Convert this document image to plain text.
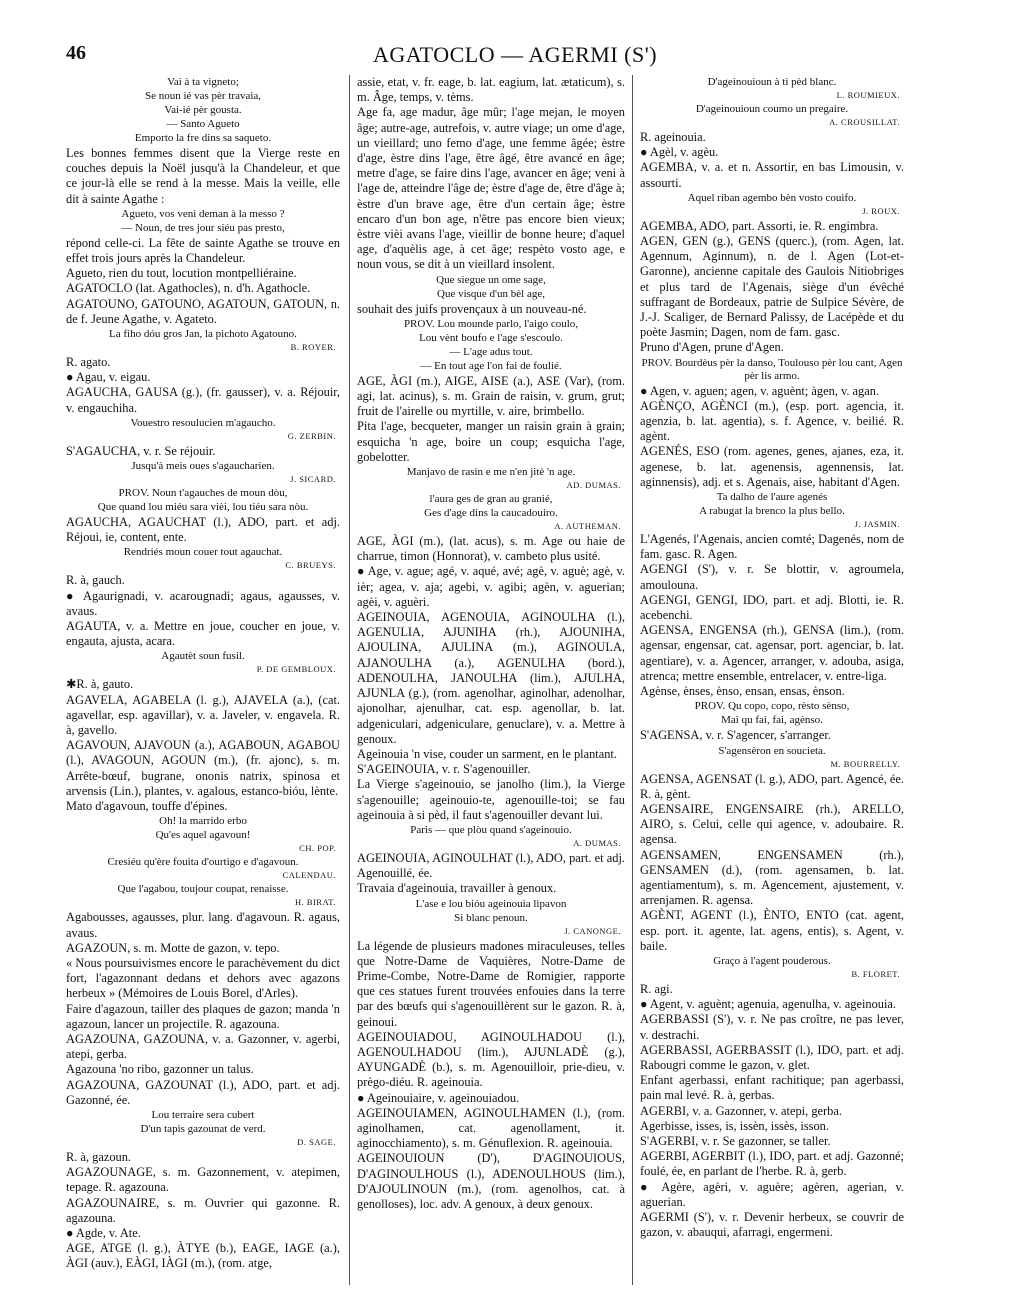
46	AGATOCLO — AGERMI (S')
Vai à ta vigneto;
Se noun ié vas pèr travaia,
Vai-ié pèr gousta.
— Santo Agueto
Emporto la fre dins sa saqueto.

Les bonnes femmes disent que la Vierge reste en couches depuis la Noël jusqu'à la Chandeleur, et que ce jour-là elle se rend à la messe. Mais la veille, elle dit à sainte Agathe :

Agueto, vos veni deman à la messo ?
— Noun, de tres jour siéu pas presto,

répond celle-ci. La fête de sainte Agathe se trouve en effet trois jours après la Chandeleur.

Agueto, rien du tout, locution montpelliéraine.

AGATOCLO (lat. Agathocles), n. d'h. Agathocle.

AGATOUNO, GATOUNO, AGATOUN, GATOUN, n. de f. Jeune Agathe, v. Agateto.

La fiho dóu gros Jan, la pichoto Agatouno.
B. ROYER.

R. agato.

● Agau, v. eigau.

AGAUCHA, GAUSA (g.), (fr. gausser), v. a. Réjouir, v. engauchiha.

Vouestro resoulucien m'agaucho.
G. ZERBIN.

S'AGAUCHA, v. r. Se réjouir.

Jusqu'à meis oues s'agaucharien.
J. SICARD.
PROV. Noun t'agauches de moun dòu,
Que quand lou miéu sara vièi, lou tiéu sara nòu.

AGAUCHA, AGAUCHAT (l.), ADO, part. et adj. Réjoui, ie, content, ente.

Rendriés moun couer tout agauchat.
C. BRUEYS.

R. à, gauch.

● Agaurignadi, v. acarougnadi; agaus, agausses, v. avaus.

AGAUTA, v. a. Mettre en joue, coucher en joue, v. engauta, ajusta, acara.

Agautèt soun fusil.
P. DE GEMBLOUX.

✱R. à, gauto.

AGAVELA, AGABELA (l. g.), AJAVELA (a.), (cat. agavellar, esp. agavillar), v. a. Javeler, v. engavela. R. à, gavello.

AGAVOUN, AJAVOUN (a.), AGABOUN, AGABOU (l.), AVAGOUN, AGOUN (m.), (fr. ajonc), s. m. Arrête-bœuf, bugrane, ononis natrix, spinosa et arvensis (Lin.), plantes, v. agalous, estanco-bióu, lènte.

Mato d'agavoun, touffe d'épines.

Oh! la marrido erbo
Qu'es aquel agavoun!
CH. POP.
Cresiéu qu'ère fouita d'ourtigo e d'agavoun.
CALENDAU.
Que l'agabou, toujour coupat, renaisse.
H. BIRAT.

Agabousses, agausses, plur. lang. d'agavoun. R. agaus, avaus.

AGAZOUN, s. m. Motte de gazon, v. tepo.

« Nous poursuivismes encore le parachèvement du dict fort, l'agazonnant dedans et dehors avec agazons herbeux » (Mémoires de Louis Borel, d'Arles).

Faire d'agazoun, tailler des plaques de gazon; manda 'n agazoun, lancer un projectile. R. agazouna.

AGAZOUNA, GAZOUNA, v. a. Gazonner, v. agerbi, atepi, gerba.

Agazouna 'no ribo, gazonner un talus.

AGAZOUNA, GAZOUNAT (l.), ADO, part. et adj. Gazonné, ée.

Lou terraire sera cubert
D'un tapis gazounat de verd.
D. SAGE.

R. à, gazoun.

AGAZOUNAGE, s. m. Gazonnement, v. atepimen, tepage. R. agazouna.

AGAZOUNAIRE, s. m. Ouvrier qui gazonne. R. agazouna.

● Agde, v. Ate.

AGE, ATGE (l. g.), ÀTYE (b.), EAGE, IAGE (a.), ÀGI (auv.), EÀGI, IÀGI (m.), (rom. atge,

assie, etat, v. fr. eage, b. lat. eagium, lat. ætaticum), s. m. Âge, temps, v. tèms.

Age fa, age madur, âge mûr; l'age mejan, le moyen âge; autre-age, autrefois, v. autre viage; un ome d'age, un vieillard; uno femo d'age, une femme âgée; èstre d'age, èstre dins l'age, être âgé, être avancé en âge; metre d'age, se faire dins l'age, avancer en âge; veni à l'age de, atteindre l'âge de; èstre d'age de, être d'âge à; èstre d'un brave age, être d'un certain âge; èstre encaro d'un bon age, n'être pas encore bien vieux; èstre vièi avans l'age, vieillir de bonne heure; d'aquel age, d'aquèlis age, à cet âge; respèto vosto age, e noun vous, se dit à un vieillard insolent.

Que siegue un ome sage,
Que visque d'un bèl age,

souhait des juifs provençaux à un nouveau-né.

PROV. Lou mounde parlo, l'aigo coulo,
Lou vènt boufo e l'age s'escoulo.
— L'age adus tout.
— En tout age l'on fai de foulié.

AGE, ÀGI (m.), AIGE, AISE (a.), ASE (Var), (rom. agi, lat. acinus), s. m. Grain de raisin, v. grum, grut; fruit de l'airelle ou myrtille, v. aire, brimbello.

Pita l'age, becqueter, manger un raisin grain à grain; esquicha 'n age, boire un coup; esquicha l'age, gobelotter.

Manjavo de rasin e me n'en jitè 'n age.
AD. DUMAS.
l'aura ges de gran au granié,
Ges d'age dins la caucadouiro.
A. AUTHEMAN.

AGE, ÀGI (m.), (lat. acus), s. m. Age ou haie de charrue, timon (Honnorat), v. cambeto plus usité.

● Age, v. ague; agé, v. aqué, avé; agè, v. aguè; agè, v. ièr; agea, v. aja; agebi, v. agibi; agèn, v. aguerian; agèi, v. aguèri.

AGEINOUIA, AGENOUIA, AGINOULHA (l.), AGENULIA, AJUNIHA (rh.), AJOUNIHA, AJOULINA, AJULINA (m.), AGINOULA, AJANOULHA (a.), AGENULHA (bord.), ADENOULHA, JANOULHA (lim.), AJULHA, AJUNLA (g.), (rom. agenolhar, aginolhar, adenolhar, ajonolhar, ajenulhar, cat. esp. agenollar, b. lat. adgeniculari, adgeniculare, genuclare), v. a. Mettre à genoux.

Ageinouia 'n vise, couder un sarment, en le plantant.

S'AGEINOUIA, v. r. S'agenouiller.

La Vierge s'ageinouio, se janolho (lim.), la Vierge s'agenouille; ageinouio-te, agenouille-toi; se fau ageinouia à si pèd, il faut s'agenouiller devant lui.

Paris — que plòu quand s'ageinouio.
A. DUMAS.

AGEINOUIA, AGINOULHAT (l.), ADO, part. et adj. Agenouillé, ée.

Travaia d'ageinouia, travailler à genoux.

L'ase e lou bióu ageinouia lipavon
Si blanc penoun.
J. CANONGE.

La légende de plusieurs madones miraculeuses, telles que Notre-Dame de Vaquières, Notre-Dame de Prime-Combe, Notre-Dame de Romigier, rapporte que ces statues furent trouvées enfouies dans la terre par des bœufs qui s'agenouillèrent sur le gazon. R. à, geinoui.

AGEINOUIADOU, AGINOULHADOU (l.), AGENOULHADOU (lim.), AJUNLADÈ (g.), AYUNGADÈ (b.), s. m. Agenouilloir, prie-dieu, v. prègo-diéu. R. ageinouia.

● Ageinouiaire, v. ageinouiadou.

AGEINOUIAMEN, AGINOULHAMEN (l.), (rom. aginolhamen, cat. agenollament, it. aginocchiamento), s. m. Génuflexion. R. ageinouia.

AGEINOUIOUN (D'), D'AGINOUIOUS, D'AGINOULHOUS (l.), ADENOULHOUS (lim.), D'AJOULINOUN (m.), (rom. agenolhos, cat. à genolloses), loc. adv. A genoux, à deux genoux.

D'ageinouioun à ti pèd blanc.
L. ROUMIEUX.
D'ageinouioun coumo un pregaire.
A. CROUSILLAT.

R. ageinouia.

● Agèl, v. agèu.

AGEMBA, v. a. et n. Assortir, en bas Limousin, v. assourti.

Aquel riban agembo bèn vosto couifo.
J. ROUX.

AGEMBA, ADO, part. Assorti, ie. R. engimbra.

AGEN, GEN (g.), GENS (querc.), (rom. Agen, lat. Agennum, Aginnum), n. de l. Agen (Lot-et-Garonne), ancienne capitale des Gaulois Nitiobriges et plus tard de l'Agenais, siège d'un évêché suffragant de Bordeaux, patrie de Sulpice Sévère, de J.-J. Scaliger, de Bernard Palissy, de Lacépède et du poète Jasmin; Dagen, nom de fam. gasc.

Pruno d'Agen, prune d'Agen.

PROV. Bourdèus pèr la danso, Toulouso pèr lou cant, Agen pèr lis armo.

● Agen, v. aguen; agen, v. aguènt; àgen, v. agan.

AGÈNÇO, AGÈNCI (m.), (esp. port. agencia, it. agenzia, b. lat. agentia), s. f. Agence, v. beilié. R. agènt.

AGENÉS, ESO (rom. agenes, genes, ajanes, eza, it. agenese, b. lat. agenensis, agennensis, lat. aginnensis), adj. et s. Agenais, aise, habitant d'Agen.

Ta dalho de l'aure agenés
A rabugat la brenco la plus bello.
J. JASMIN.

L'Agenés, l'Agenais, ancien comté; Dagenés, nom de fam. gasc. R. Agen.

AGENGI (S'), v. r. Se blottir, v. agroumela, amoulouna.

AGENGI, GENGI, IDO, part. et adj. Blotti, ie. R. acebenchi.

AGENSA, ENGENSA (rh.), GENSA (lim.), (rom. agensar, engensar, cat. agensar, port. agenciar, b. lat. agentiare), v. a. Agencer, arranger, v. adouba, asiga, atrenca; mettre ensemble, entrelacer, v. entre-liga.

Agènse, ènses, ènso, ensan, ensas, ènson.

PROV. Qu copo, copo, rèsto sènso,
Mai qu fai, fai, agènso.

S'AGENSA, v. r. S'agencer, s'arranger.

S'agensèron en soucieta.
M. BOURRELLY.

AGENSA, AGENSAT (l. g.), ADO, part. Agencé, ée. R. à, gènt.

AGENSAIRE, ENGENSAIRE (rh.), ARELLO, AIRO, s. Celui, celle qui agence, v. adoubaire. R. agensa.

AGENSAMEN, ENGENSAMEN (rh.), GENSAMEN (d.), (rom. agensamen, b. lat. agentiamentum), s. m. Agencement, ajustement, v. arrenjamen. R. agensa.

AGÈNT, AGENT (l.), ÈNTO, ENTO (cat. agent, esp. port. it. agente, lat. agens, entis), s. Agent, v. baile.

Graço à l'agent pouderous.
B. FLORET.

R. agi.

● Agent, v. aguènt; agenuia, agenulha, v. ageinouia.

AGERBASSI (S'), v. r. Ne pas croître, ne pas lever, v. destrachi.

AGERBASSI, AGERBASSIT (l.), IDO, part. et adj. Rabougri comme le gazon, v. glet.

Enfant agerbassi, enfant rachitique; pan agerbassi, pain mal levé. R. à, gerbas.

AGERBI, v. a. Gazonner, v. atepi, gerba.

Agerbisse, isses, is, issèn, issès, isson.

S'AGERBI, v. r. Se gazonner, se taller.

AGERBI, AGERBIT (l.), IDO, part. et adj. Gazonné; foulé, ée, en parlant de l'herbe. R. à, gerb.

● Agère, agèri, v. aguère; agèren, agerian, v. aguerian.

AGERMI (S'), v. r. Devenir herbeux, se couvrir de gazon, v. abauqui, afarragi, engermeni.
